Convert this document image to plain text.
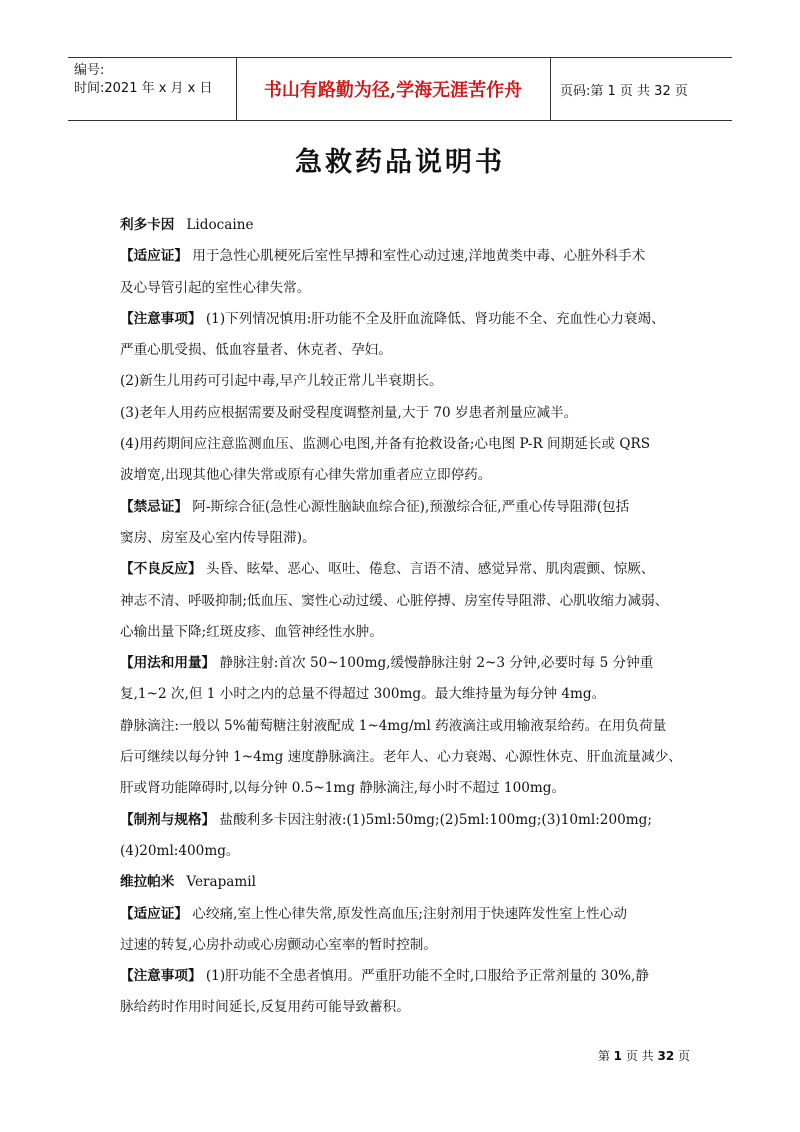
编号:
时间:2021 年 x 月 x 日	书山有路勤为径,学海无涯苦作舟	页码:第 1 页 共 32 页
急救药品说明书
利多卡因 Lidocaine
【适应证】 用于急性心肌梗死后室性早搏和室性心动过速,洋地黄类中毒、心脏外科手术
及心导管引起的室性心律失常。
【注意事项】 (1)下列情况慎用:肝功能不全及肝血流降低、肾功能不全、充血性心力衰竭、
严重心肌受损、低血容量者、休克者、孕妇。
(2)新生儿用药可引起中毒,早产儿较正常儿半衰期长。
(3)老年人用药应根据需要及耐受程度调整剂量,大于 70 岁患者剂量应减半。
(4)用药期间应注意监测血压、监测心电图,并备有抢救设备;心电图 P-R 间期延长或 QRS
波增宽,出现其他心律失常或原有心律失常加重者应立即停药。
【禁忌证】 阿-斯综合征(急性心源性脑缺血综合征),预激综合征,严重心传导阻滞(包括
窦房、房室及心室内传导阻滞)。
【不良反应】 头昏、眩晕、恶心、呕吐、倦怠、言语不清、感觉异常、肌肉震颤、惊厥、
神志不清、呼吸抑制;低血压、窦性心动过缓、心脏停搏、房室传导阻滞、心肌收缩力减弱、
心输出量下降;红斑皮疹、血管神经性水肿。
【用法和用量】 静脉注射:首次 50~100mg,缓慢静脉注射 2~3 分钟,必要时每 5 分钟重
复,1~2 次,但 1 小时之内的总量不得超过 300mg。最大维持量为每分钟 4mg。
静脉滴注:一般以 5%葡萄糖注射液配成 1~4mg/ml 药液滴注或用输液泵给药。在用负荷量
后可继续以每分钟 1~4mg 速度静脉滴注。老年人、心力衰竭、心源性休克、肝血流量减少、
肝或肾功能障碍时,以每分钟 0.5~1mg 静脉滴注,每小时不超过 100mg。
【制剂与规格】 盐酸利多卡因注射液:(1)5ml:50mg;(2)5ml:100mg;(3)10ml:200mg;
(4)20ml:400mg。
维拉帕米 Verapamil
【适应证】 心绞痛,室上性心律失常,原发性高血压;注射剂用于快速阵发性室上性心动
过速的转复,心房扑动或心房颤动心室率的暂时控制。
【注意事项】 (1)肝功能不全患者慎用。严重肝功能不全时,口服给予正常剂量的 30%,静
脉给药时作用时间延长,反复用药可能导致蓄积。
第 1 页 共 32 页
